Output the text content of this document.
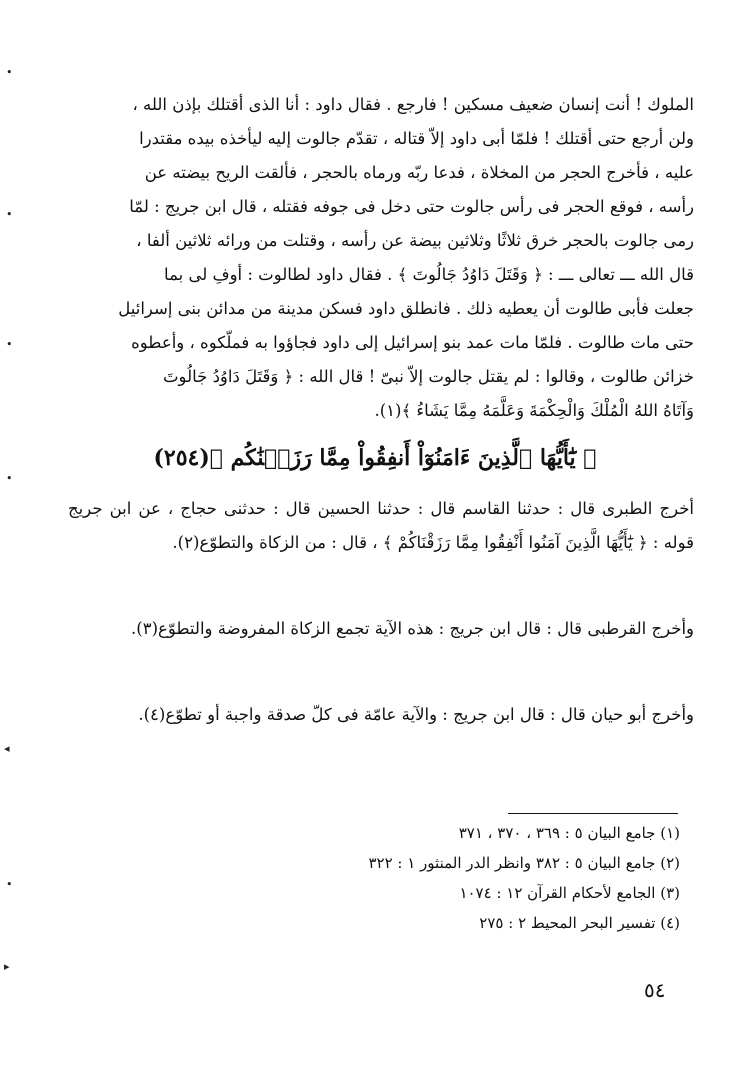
•
•
•
•
◂
•
▸

الملوك ! أنت إنسان ضعيف مسكين ! فارجع . فقال داود : أنا الذى أقتلك بإذن الله ،

ولن أرجع حتى أقتلك ! فلمّا أبى داود إلاّ قتاله ، تقدّم جالوت إليه ليأخذه بيده مقتدرا

عليه ، فأخرج الحجر من المخلاة ، فدعا ربّه ورماه بالحجر ، فألقت الريح بيضته عن

رأسه ، فوقع الحجر فى رأس جالوت حتى دخل فى جوفه فقتله ، قال ابن جريج : لمّا

رمى جالوت بالحجر خرق ثلاثًا وثلاثين بيضة عن رأسه ، وقتلت من ورائه ثلاثين ألفا ،

قال الله ـــ تعالى ـــ : ﴿ وَقَتَلَ دَاوُدُ جَالُوتَ ﴾ . فقال داود لطالوت : أوفِ لى بما

جعلت فأبى طالوت أن يعطيه ذلك . فانطلق داود فسكن مدينة من مدائن بنى إسرائيل

حتى مات طالوت . فلمّا مات عمد بنو إسرائيل إلى داود فجاؤوا به فملّكوه ، وأعطوه

خزائن طالوت ، وقالوا : لم يقتل جالوت إلاّ نبىّ ! قال الله : ﴿ وَقَتَلَ دَاوُدُ جَالُوتَ

وَآتَاهُ اللهُ الْمُلْكَ وَالْحِكْمَةَ وَعَلَّمَهُ مِمَّا يَشَاءُ ﴾(١).

﴿ يَٰٓأَيُّهَا ٱلَّذِينَ ءَامَنُوٓاْ أَنفِقُواْ مِمَّا رَزَقۡنَٰكُم ﴾(٢٥٤)

أخرج الطبرى قال : حدثنا القاسم قال : حدثنا الحسين قال : حدثنى حجاج ، عن ابن جريج قوله : ﴿ يَٰٓأَيُّهَا الَّذِينَ آمَنُوا أَنْفِقُوا مِمَّا رَزَقْنَاكُمْ ﴾ ، قال : من الزكاة والتطوّع(٢).

وأخرج القرطبى قال : قال ابن جريج : هذه الآية تجمع الزكاة المفروضة والتطوّع(٣).

وأخرج أبو حيان قال : قال ابن جريج : والآية عامّة فى كلّ صدقة واجبة أو تطوّع(٤).

(١) جامع البيان ٥ : ٣٦٩ ، ٣٧٠ ، ٣٧١
(٢) جامع البيان ٥ : ٣٨٢ وانظر الدر المنثور ١ : ٣٢٢
(٣) الجامع لأحكام القرآن ١٢ : ١٠٧٤
(٤) تفسير البحر المحيط ٢ : ٢٧٥
٥٤
